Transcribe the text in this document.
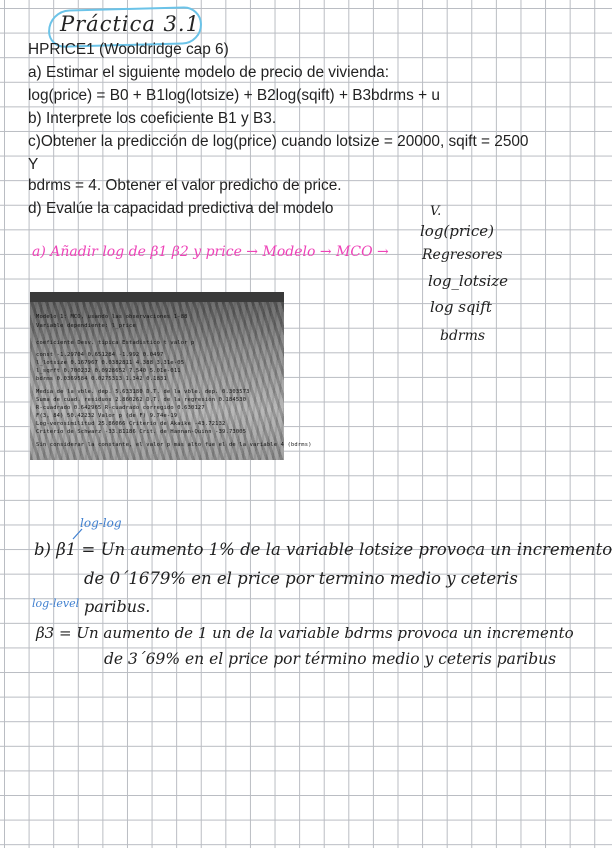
Práctica 3.1
HPRICE1 (Wooldridge cap 6)
a) Estimar el siguiente modelo de precio de vivienda:
log(price) = B0 + B1log(lotsize) + B2log(sqift) + B3bdrms + u
b) Interprete los coeficiente B1 y B3.
c)Obtener la predicción de log(price) cuando lotsize = 20000, sqift = 2500
Y
bdrms = 4. Obtener el valor predicho de price.
d) Evalúe la capacidad predictiva del modelo	V.
log(price)
Regresores
log_lotsize
log sqift
bdrms
a) Añadir log de β1 β2 y price → Modelo → MCO →
Modelo 1: MCO, usando las observaciones 1-88
Variable dependiente: l_price
coeficiente Desv. típica Estadístico t valor p
const -1.29704 0.651284 -1.992 0.0497
l_lotsize 0.167967 0.0382811 4.388 3.31e-05
l_sqrft 0.700232 0.0928652 7.540 5.01e-011
bdrms 0.0369584 0.0275313 1.342 0.1831
Media de la vble. dep. 5.633180 D.T. de la vble. dep. 0.303573
Suma de cuad. residuos 2.860262 D.T. de la regresión 0.184530
R-cuadrado 0.642965 R-cuadrado corregido 0.630127
F(3, 84) 50.42232 Valor p (de F) 9.74e-19
Log-verosimilitud 25.86066 Criterio de Akaike -43.72132
Criterio de Schwarz -33.81186 Crit. de Hannan-Quinn -39.73005
Sin considerar la constante, el valor p más alto fue el de la variable 4 (bdrms)
log-log
log-level
b) β1 = Un aumento 1% de la variable lotsize provoca un incremento
de 0´1679% en el price por termino medio y ceteris
paribus.
β3 = Un aumento de 1 un de la variable bdrms provoca un incremento
de 3´69% en el price por término medio y ceteris paribus
